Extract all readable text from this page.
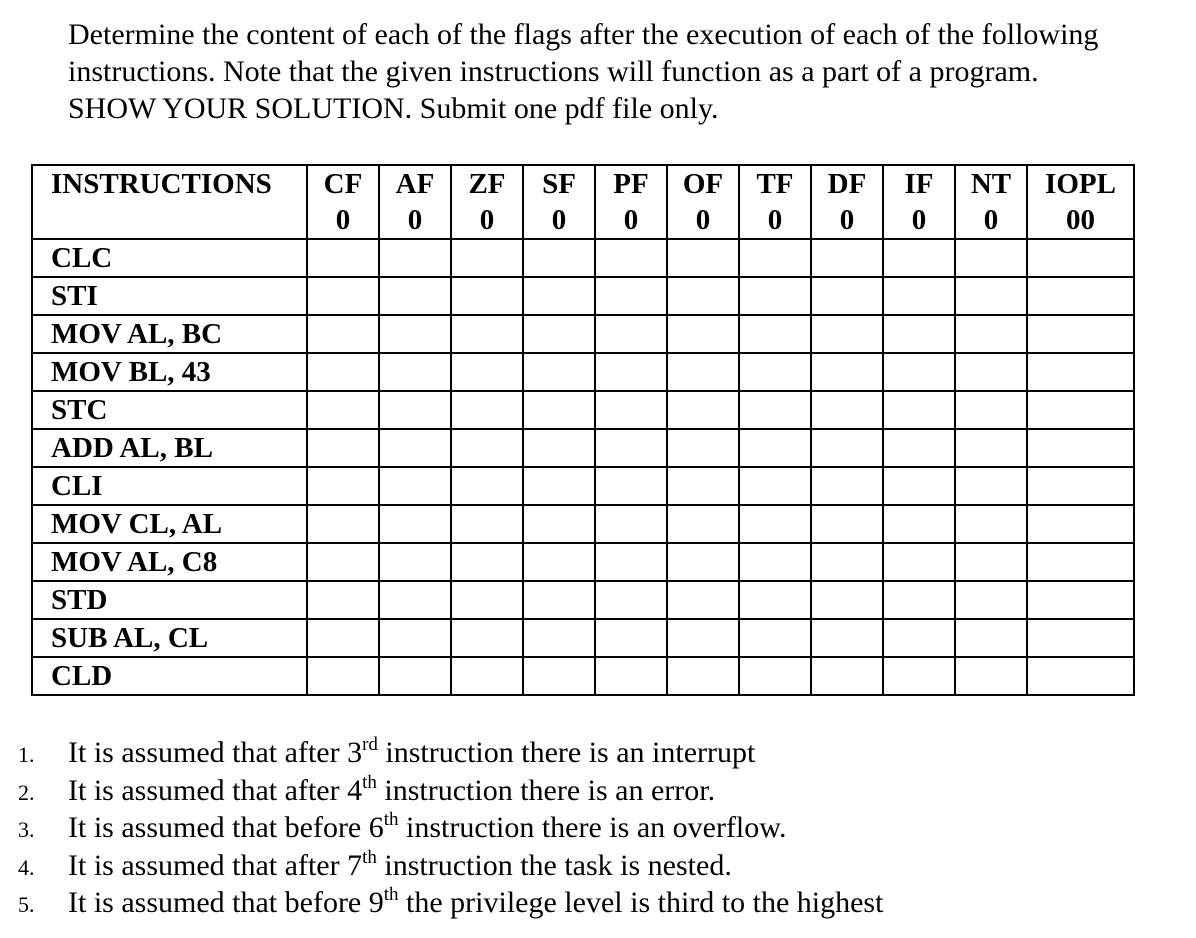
Determine the content of each of the flags after the execution of each of the following

instructions. Note that the given instructions will function as a part of a program.

SHOW YOUR SOLUTION. Submit one pdf file only.

INSTRUCTIONS	CF	AF	ZF	SF	PF	OF	TF	DF	IF	NT	IOPL
	0	0	0	0	0	0	0	0	0	0	00
CLC											
STI											
MOV AL, BC											
MOV BL, 43											
STC											
ADD AL, BL											
CLI											
MOV CL, AL											
MOV AL, C8											
STD											
SUB AL, CL											
CLD											
1. It is assumed that after 3rd instruction there is an interrupt
2. It is assumed that after 4th instruction there is an error.
3. It is assumed that before 6th instruction there is an overflow.
4. It is assumed that after 7th instruction the task is nested.
5. It is assumed that before 9th the privilege level is third to the highest
